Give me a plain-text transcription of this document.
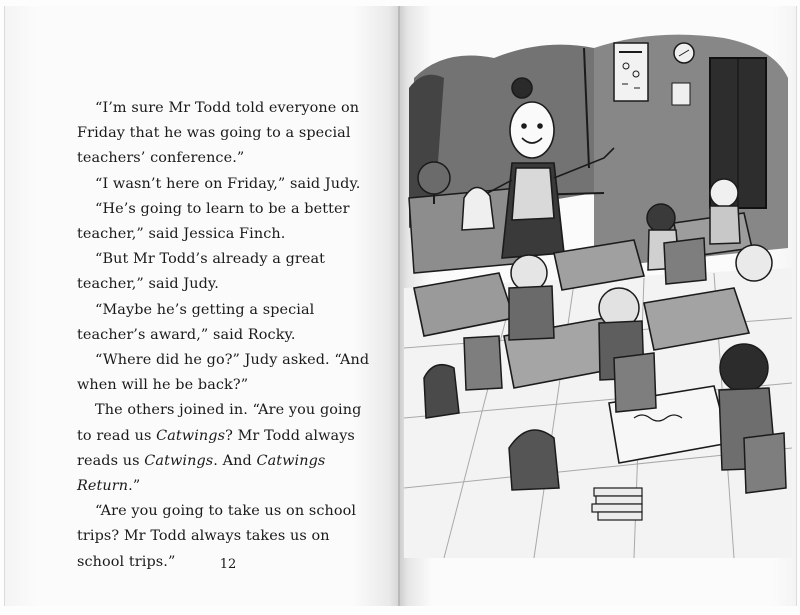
“I’m sure Mr Todd told everyone on Friday that he was going to a special teachers’ conference.”

“I wasn’t here on Friday,” said Judy.

“He’s going to learn to be a better teacher,” said Jessica Finch.

“But Mr Todd’s already a great teacher,” said Judy.

“Maybe he’s getting a special teacher’s award,” said Rocky.

“Where did he go?” Judy asked. “And when will he be back?”

The others joined in. “Are you going to read us Catwings? Mr Todd always reads us Catwings. And Catwings Return.”

“Are you going to take us on school trips? Mr Todd always takes us on school trips.”	12
